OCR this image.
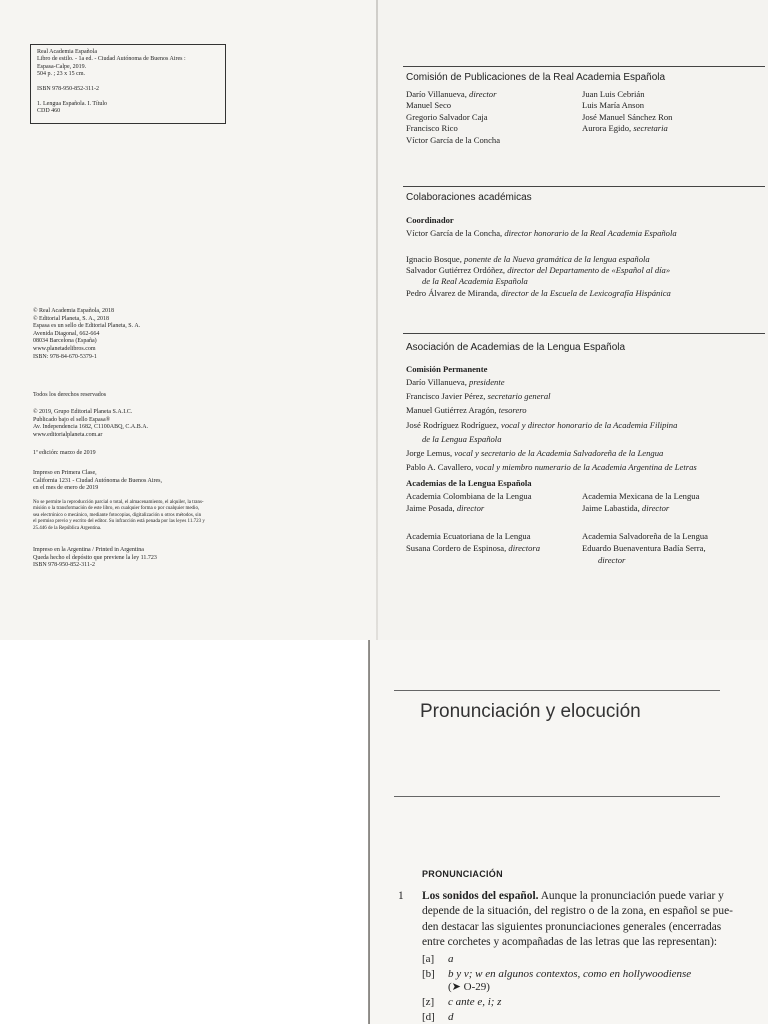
Real Academia Española
Libro de estilo. - 1a ed. - Ciudad Autónoma de Buenos Aires :
Espasa-Calpe, 2019.
504 p. ; 23 x 15 cm.

ISBN 978-950-852-311-2

1. Lengua Española. I. Título
CDD 460
© Real Academia Española, 2018
© Editorial Planeta, S. A., 2018
Espasa es un sello de Editorial Planeta, S. A.
Avenida Diagonal, 662-664
08034 Barcelona (España)
www.planetadelibros.com
ISBN: 978-84-670-5379-1
Todos los derechos reservados
© 2019, Grupo Editorial Planeta S.A.I.C.
Publicado bajo el sello Espasa®
Av. Independencia 1682, C1100ABQ, C.A.B.A.
www.editorialplaneta.com.ar
1ª edición: marzo de 2019
Impreso en Primera Clase,
California 1231 - Ciudad Autónoma de Buenos Aires,
en el mes de enero de 2019
No se permite la reproducción parcial o total, el almacenamiento, el alquiler, la trans-
misión o la transformación de este libro, en cualquier forma o por cualquier medio,
sea electrónico o mecánico, mediante fotocopias, digitalización u otros métodos, sin
el permiso previo y escrito del editor. Su infracción está penada por las leyes 11.723 y
25.446 de la República Argentina.
Impreso en la Argentina / Printed in Argentina
Queda hecho el depósito que previene la ley 11.723
ISBN 978-950-852-311-2
Comisión de Publicaciones de la Real Academia Española
Darío Villanueva, director
Manuel Seco
Gregorio Salvador Caja
Francisco Rico
Víctor García de la Concha
Juan Luis Cebrián
Luis María Anson
José Manuel Sánchez Ron
Aurora Egido, secretaria
Colaboraciones académicas
Coordinador
Víctor García de la Concha, director honorario de la Real Academia Española
Ignacio Bosque, ponente de la Nueva gramática de la lengua española
Salvador Gutiérrez Ordóñez, director del Departamento de «Español al día»
de la Real Academia Española
Pedro Álvarez de Miranda, director de la Escuela de Lexicografía Hispánica
Asociación de Academias de la Lengua Española
Comisión Permanente
Darío Villanueva, presidente
Francisco Javier Pérez, secretario general
Manuel Gutiérrez Aragón, tesorero
José Rodríguez Rodríguez, vocal y director honorario de la Academia Filipina
de la Lengua Española
Jorge Lemus, vocal y secretario de la Academia Salvadoreña de la Lengua
Pablo A. Cavallero, vocal y miembro numerario de la Academia Argentina de Letras
Academias de la Lengua Española
Academia Colombiana de la Lengua
Jaime Posada, director
Academia Mexicana de la Lengua
Jaime Labastida, director
Academia Ecuatoriana de la Lengua
Susana Cordero de Espinosa, directora
Academia Salvadoreña de la Lengua
Eduardo Buenaventura Badía Serra,
director
Pronunciación y elocución
PRONUNCIACIÓN
1 Los sonidos del español. Aunque la pronunciación puede variar y
depende de la situación, del registro o de la zona, en español se pue-
den destacar las siguientes pronunciaciones generales (encerradas
entre corchetes y acompañadas de las letras que las representan):
[a] a
[b] b y v; w en algunos contextos, como en hollywoodiense
(➤ O-29)
[z] c ante e, i; z
[d] d
